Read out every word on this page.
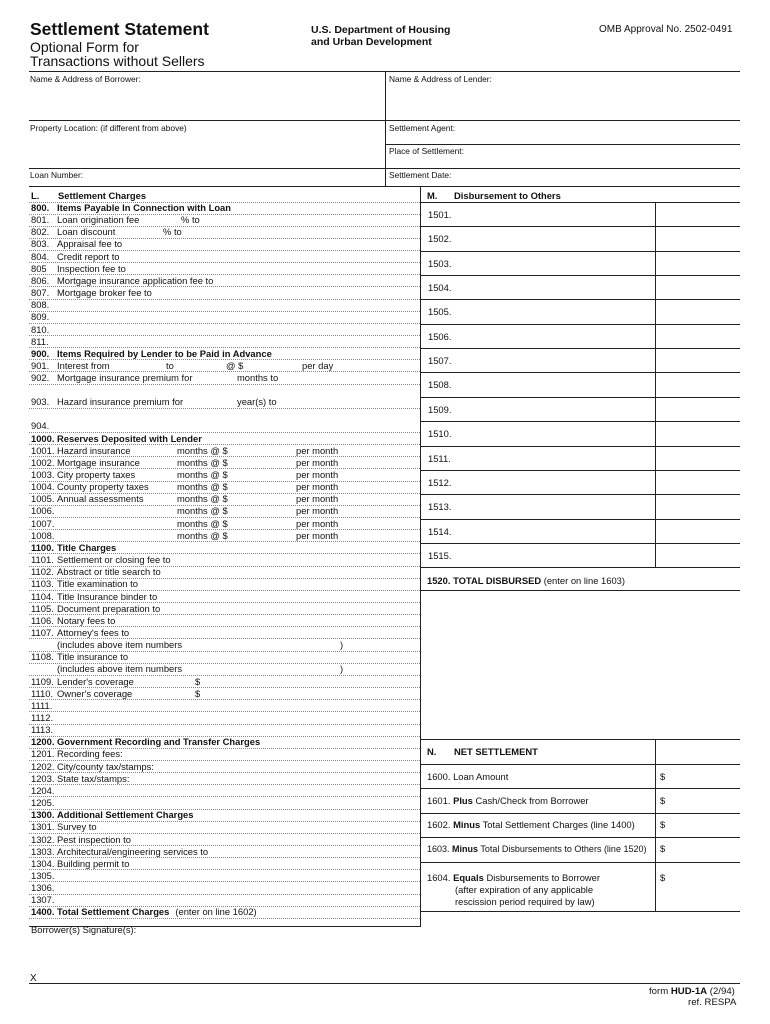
Settlement Statement
Optional Form for
Transactions without Sellers
U.S. Department of Housing
and Urban Development
OMB Approval No. 2502-0491
Name & Address of Borrower:	Name & Address of Lender:
Property Location: (if different from above)	Settlement Agent:
Place of Settlement:
Loan Number:	Settlement Date:
L. Settlement Charges
800. Items Payable In Connection with Loan
801. Loan origination fee	% to
802. Loan discount	% to
803. Appraisal fee to
804. Credit report to
805 Inspection fee to
806. Mortgage insurance application fee to
807. Mortgage broker fee to
808.
809.
810.
811.
900. Items Required by Lender to be Paid in Advance
901. Interest from	to	@ $	per day
902. Mortgage insurance premium for	months to
903. Hazard insurance premium for	year(s) to
904.
1000. Reserves Deposited with Lender
1001. Hazard insurance	months @ $	per month
1002. Mortgage insurance	months @ $	per month
1003. City property taxes	months @ $	per month
1004. County property taxes	months @ $	per month
1005. Annual assessments	months @ $	per month
1006.	months @ $	per month
1007.	months @ $	per month
1008.	months @ $	per month
1100. Title Charges
1101. Settlement or closing fee to
1102. Abstract or title search to
1103. Title examination to
1104. Title Insurance binder to
1105. Document preparation to
1106. Notary fees to
1107. Attorney's fees to
(includes above item numbers	)
1108. Title insurance to
(includes above item numbers	)
1109. Lender's coverage	$
1110. Owner's coverage	$
1111.
1112.
1113.
1200. Government Recording and Transfer Charges
1201. Recording fees:
1202. City/county tax/stamps:
1203. State tax/stamps:
1204.
1205.
1300. Additional Settlement Charges
1301. Survey to
1302. Pest inspection to
1303. Architectural/engineering services to
1304. Building permit to
1305.
1306.
1307.
1400. Total Settlement Charges (enter on line 1602)
Borrower(s) Signature(s):
X
M. Disbursement to Others
1501.
1502.
1503.
1504.
1505.
1506.
1507.
1508.
1509.
1510.
1511.
1512.
1513.
1514.
1515.
1520. TOTAL DISBURSED (enter on line 1603)
N. NET SETTLEMENT
1600. Loan Amount	$
1601. Plus Cash/Check from Borrower	$
1602. Minus Total Settlement Charges (line 1400)	$
1603. Minus Total Disbursements to Others (line 1520) $
1604. Equals Disbursements to Borrower
(after expiration of any applicable
rescission period required by law)
$
form HUD-1A (2/94)
ref. RESPA
